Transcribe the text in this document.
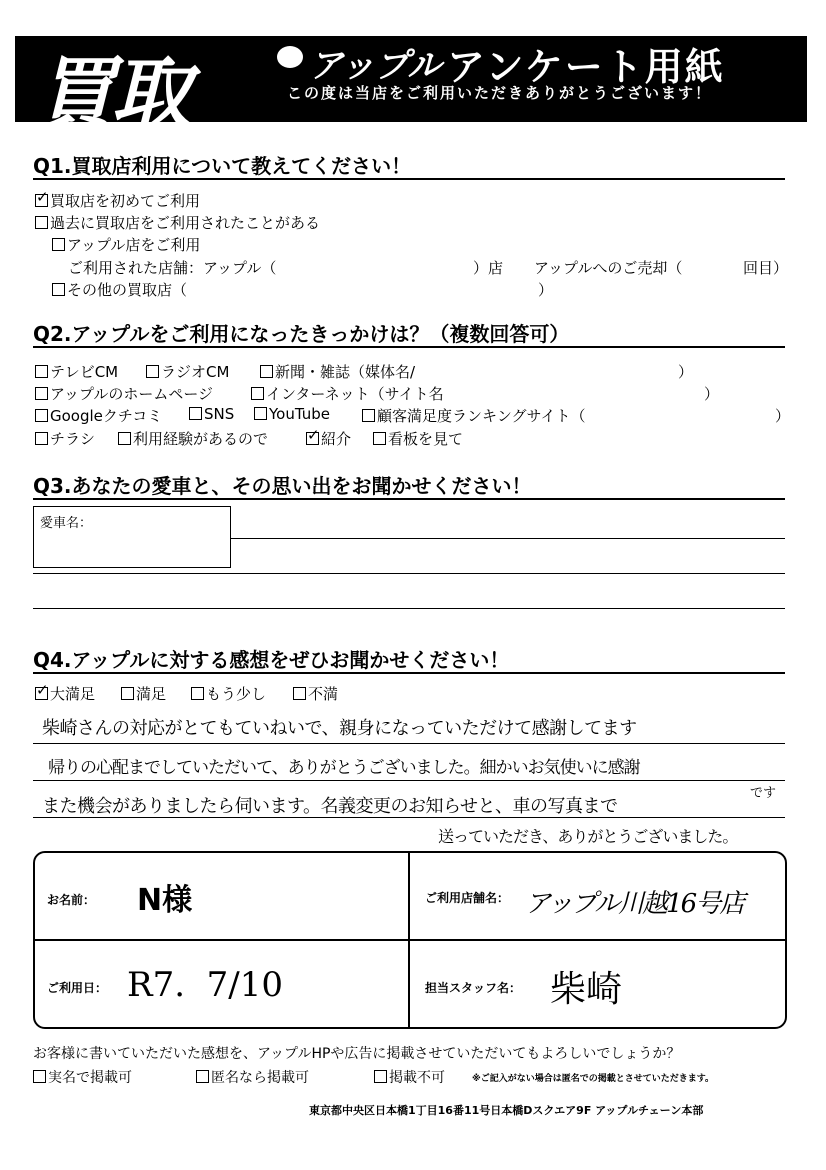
買取	アップル アンケート用紙
この度は当店をご利用いただきありがとうございます！
Q1.買取店利用について教えてください！
✓買取店を初めてご利用
過去に買取店をご利用されたことがある
アップル店をご利用
ご利用された店舗：アップル（	）店 アップルへのご売却（	回目）
その他の買取店（	）
Q2.アップルをご利用になったきっかけは？（複数回答可）
テレビCM	ラジオCM	新聞・雑誌（媒体名/	）
アップルのホームページ	インターネット（サイト名	）
Googleクチコミ	SNS	YouTube	顧客満足度ランキングサイト（	）
チラシ	利用経験があるので
✓	紹介	看板を見て
Q3.あなたの愛車と、その思い出をお聞かせください！
愛車名：
Q4.アップルに対する感想をぜひお聞かせください！
✓大満足	満足	もう少し	不満
柴崎さんの対応がとてもていねいで、親身になっていただけて感謝してます
帰りの心配までしていただいて、ありがとうございました。細かいお気使いに感謝
です
また機会がありましたら伺います。名義変更のお知らせと、車の写真まで
送っていただき、ありがとうございました。
お名前： N様	ご利用店舗名： アップル川越16号店
ご利用日： R7.  7/10	担当スタッフ名： 柴崎
お客様に書いていただいた感想を、アップルHPや広告に掲載させていただいてもよろしいでしょうか？
実名で掲載可	匿名なら掲載可	掲載不可	※ご記入がない場合は匿名での掲載とさせていただきます。
東京都中央区日本橋1丁目16番11号日本橋Dスクエア9F アップルチェーン本部
